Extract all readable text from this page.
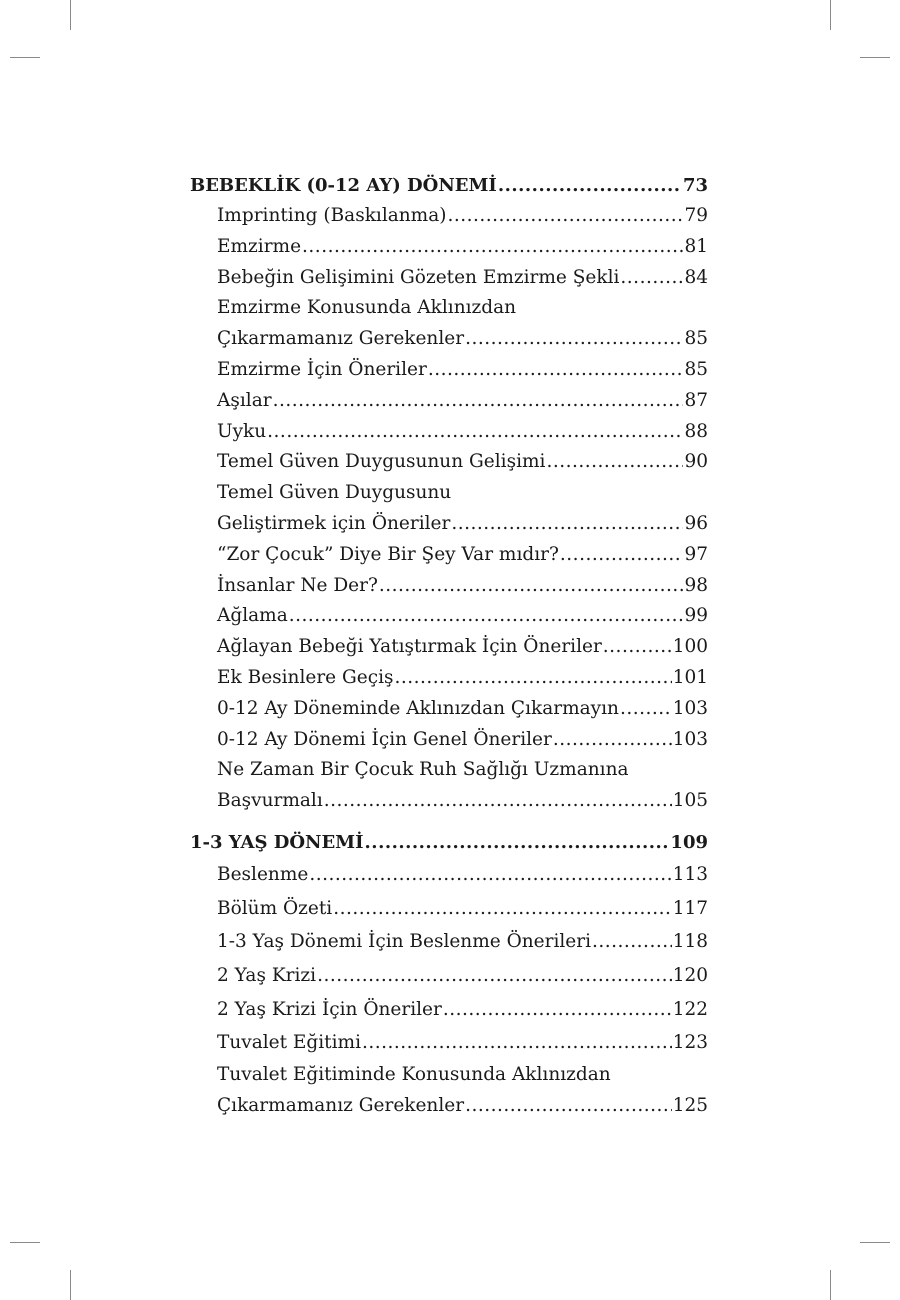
BEBEKLİK (0-12 AY) DÖNEMİ .....	73
Imprinting (Baskılanma) .....	79
Emzirme .....	81
Bebeğin Gelişimini Gözeten Emzirme Şekli .....	84
Emzirme Konusunda Aklınızdan
Çıkarmamanız Gerekenler .....	85
Emzirme İçin Öneriler .....	85
Aşılar .....	87
Uyku .....	88
Temel Güven Duygusunun Gelişimi .....	90
Temel Güven Duygusunu
Geliştirmek için Öneriler .....	96
“Zor Çocuk” Diye Bir Şey Var mıdır? .....	97
İnsanlar Ne Der? .....	98
Ağlama .....	99
Ağlayan Bebeği Yatıştırmak İçin Öneriler .....	100
Ek Besinlere Geçiş .....	101
0-12 Ay Döneminde Aklınızdan Çıkarmayın .....	103
0-12 Ay Dönemi İçin Genel Öneriler .....	103
Ne Zaman Bir Çocuk Ruh Sağlığı Uzmanına
Başvurmalı .....	105
1-3 YAŞ DÖNEMİ .....	109
Beslenme .....	113
Bölüm Özeti .....	117
1-3 Yaş Dönemi İçin Beslenme Önerileri .....	118
2 Yaş Krizi .....	120
2 Yaş Krizi İçin Öneriler .....	122
Tuvalet Eğitimi .....	123
Tuvalet Eğitiminde Konusunda Aklınızdan
Çıkarmamanız Gerekenler .....	125
